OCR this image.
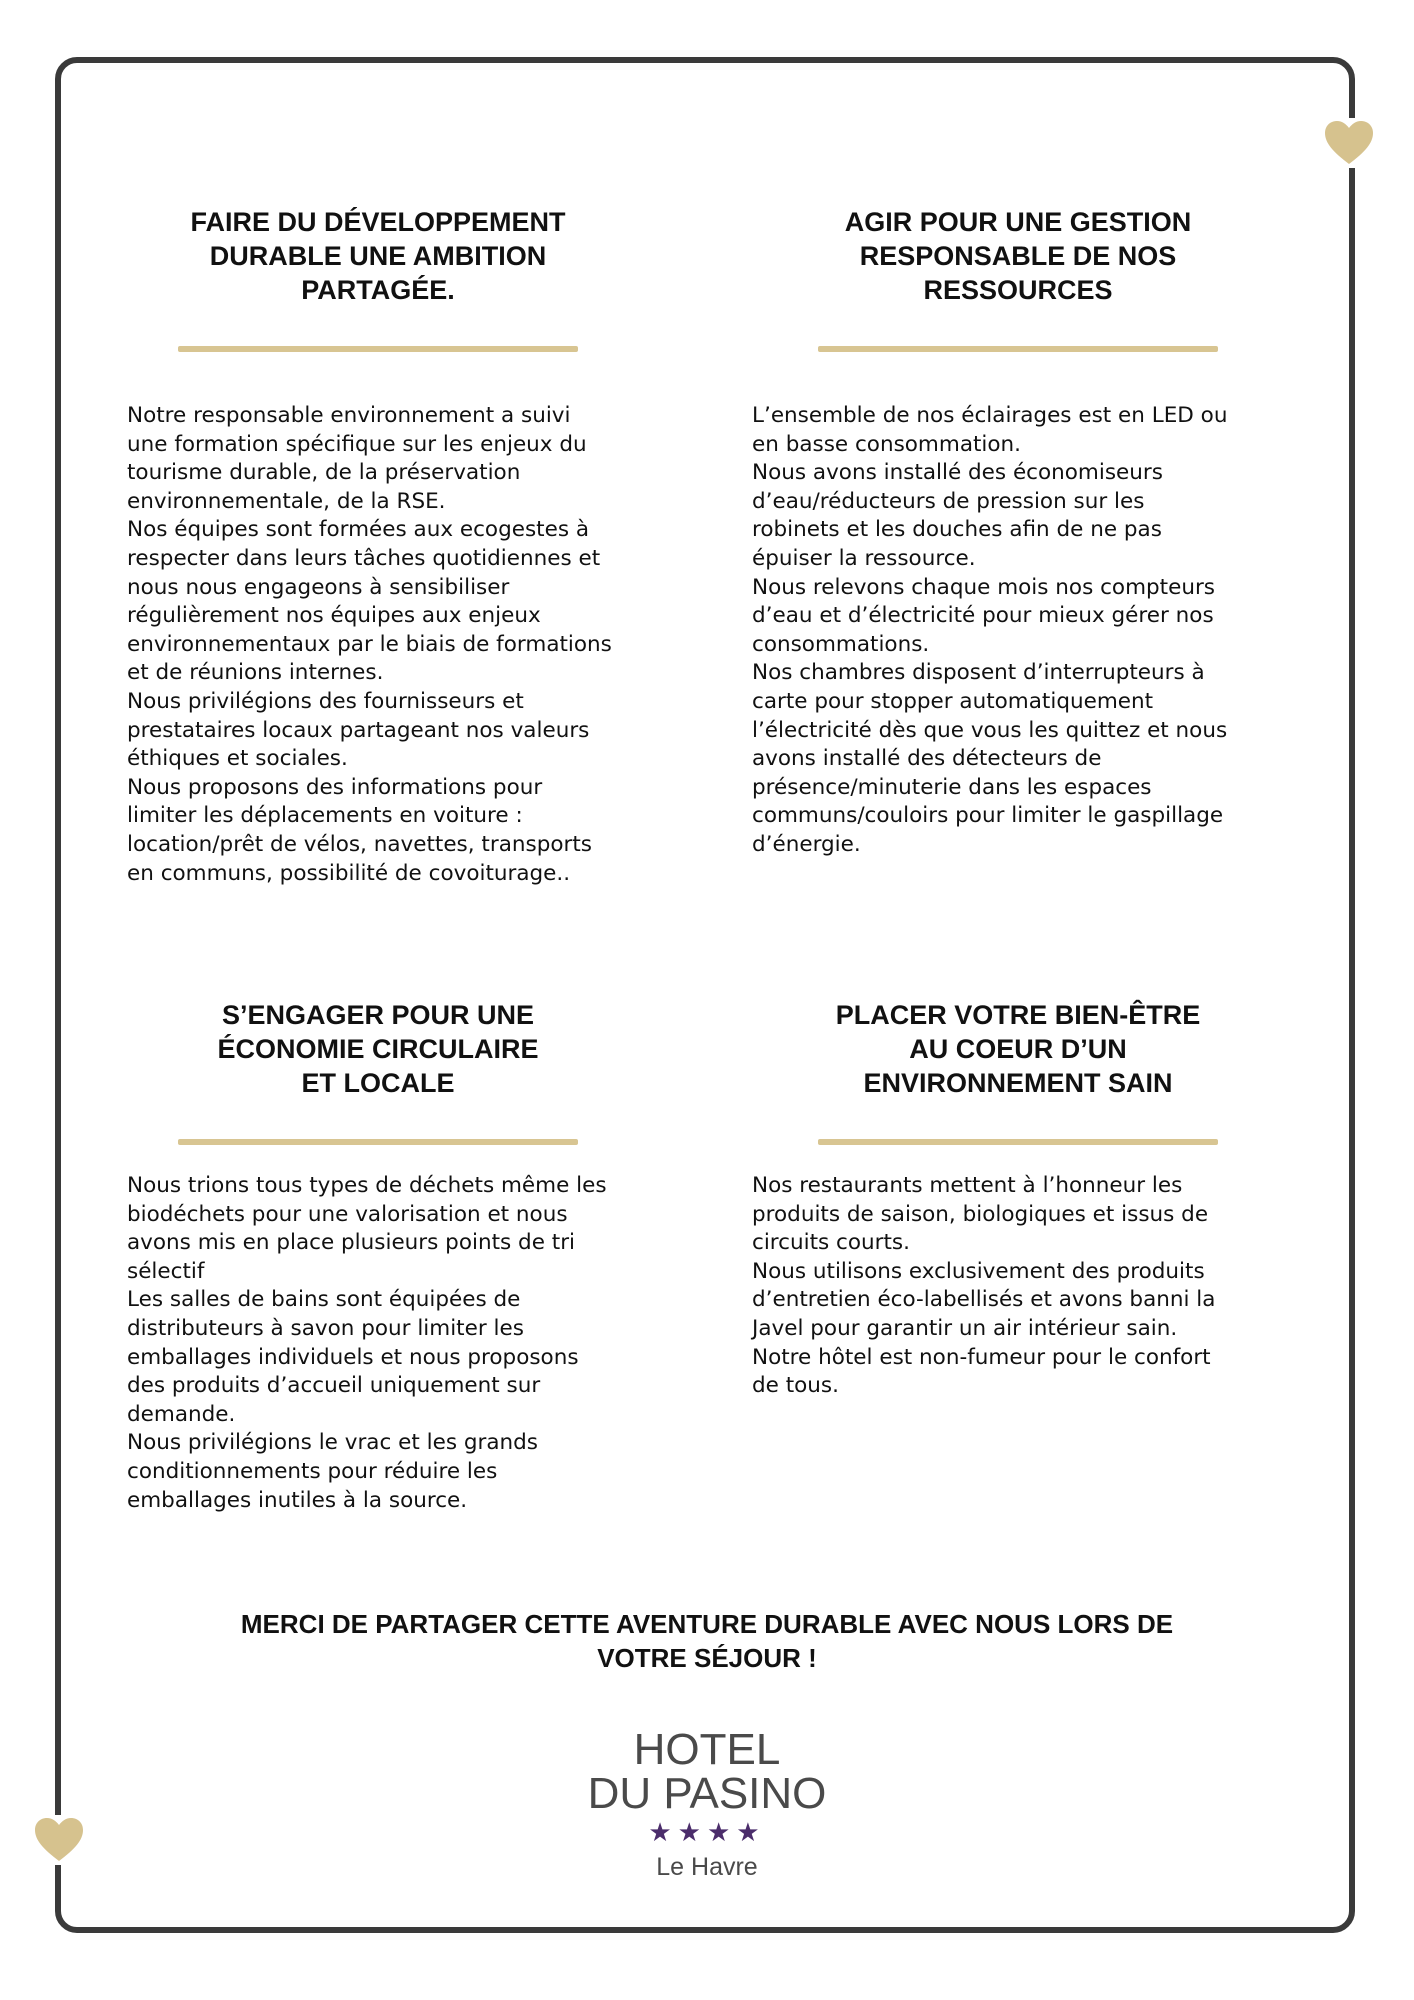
FAIRE DU DÉVELOPPEMENT
DURABLE UNE AMBITION
PARTAGÉE.

Notre responsable environnement a suivi

une formation spécifique sur les enjeux du

tourisme durable, de la préservation

environnementale, de la RSE.

Nos équipes sont formées aux ecogestes à

respecter dans leurs tâches quotidiennes et

nous nous engageons à sensibiliser

régulièrement nos équipes aux enjeux

environnementaux par le biais de formations

et de réunions internes.

Nous privilégions des fournisseurs et

prestataires locaux partageant nos valeurs

éthiques et sociales.

Nous proposons des informations pour

limiter les déplacements en voiture :

location/prêt de vélos, navettes, transports

en communs, possibilité de covoiturage..

AGIR POUR UNE GESTION
RESPONSABLE DE NOS
RESSOURCES

L’ensemble de nos éclairages est en LED ou

en basse consommation.

Nous avons installé des économiseurs

d’eau/réducteurs de pression sur les

robinets et les douches afin de ne pas

épuiser la ressource.

Nous relevons chaque mois nos compteurs

d’eau et d’électricité pour mieux gérer nos

consommations.

Nos chambres disposent d’interrupteurs à

carte pour stopper automatiquement

l’électricité dès que vous les quittez et nous

avons installé des détecteurs de

présence/minuterie dans les espaces

communs/couloirs pour limiter le gaspillage

d’énergie.

S’ENGAGER POUR UNE
ÉCONOMIE CIRCULAIRE
ET LOCALE

Nous trions tous types de déchets même les

biodéchets pour une valorisation et nous

avons mis en place plusieurs points de tri

sélectif

Les salles de bains sont équipées de

distributeurs à savon pour limiter les

emballages individuels et nous proposons

des produits d’accueil uniquement sur

demande.

Nous privilégions le vrac et les grands

conditionnements pour réduire les

emballages inutiles à la source.

PLACER VOTRE BIEN-ÊTRE
AU COEUR D’UN
ENVIRONNEMENT SAIN

Nos restaurants mettent à l’honneur les

produits de saison, biologiques et issus de

circuits courts.

Nous utilisons exclusivement des produits

d’entretien éco-labellisés et avons banni la

Javel pour garantir un air intérieur sain.

Notre hôtel est non-fumeur pour le confort

de tous.

MERCI DE PARTAGER CETTE AVENTURE DURABLE AVEC NOUS LORS DE
VOTRE SÉJOUR !
HOTEL
DU PASINO
★★★★
Le Havre
